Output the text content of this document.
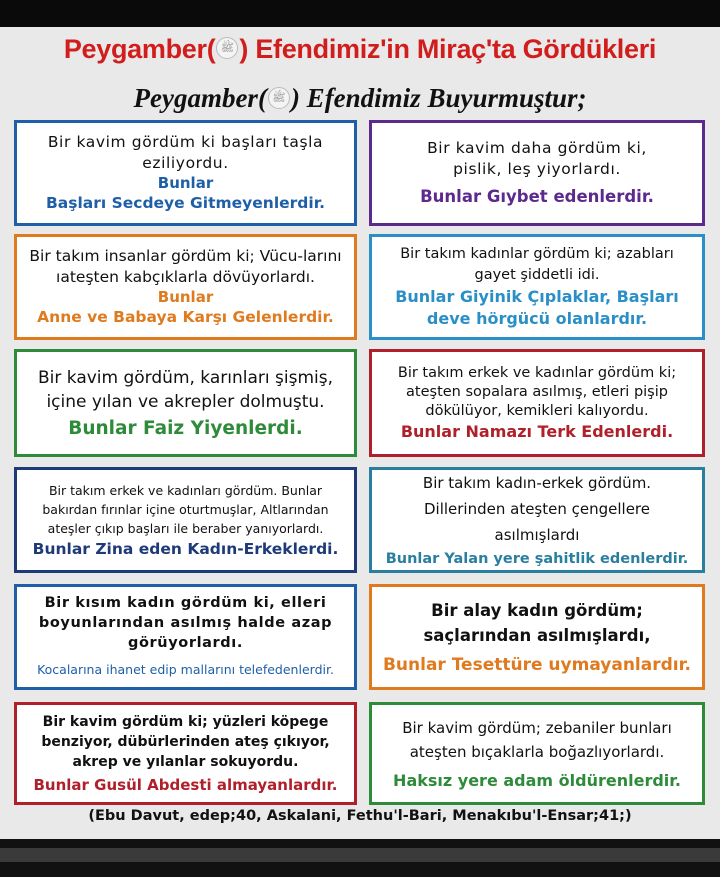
Peygamber( ﷺ ) Efendimiz'in Miraç'ta Gördükleri
Peygamber( ﷺ ) Efendimiz Buyurmuştur;
Bir kavim gördüm ki başları taşla eziliyordu.
Bunlar
Başları Secdeye Gitmeyenlerdir.
Bir kavim daha gördüm ki, pislik, leş yiyorlardı.
Bunlar Gıybet edenlerdir.
Bir takım insanlar gördüm ki; Vücu-larını ıateşten kabçıklarla dövüyorlardı.
Bunlar
Anne ve Babaya Karşı Gelenlerdir.
Bir takım kadınlar gördüm ki; azabları gayet şiddetli idi.
Bunlar Giyinik Çıplaklar, Başları deve hörgücü olanlardır.
Bir kavim gördüm, karınları şişmiş, içine yılan ve akrepler dolmuştu.
Bunlar Faiz Yiyenlerdi.
Bir takım erkek ve kadınlar gördüm ki; ateşten sopalara asılmış, etleri pişip dökülüyor, kemikleri kalıyordu.
Bunlar Namazı Terk Edenlerdi.
Bir takım erkek ve kadınları gördüm. Bunlar bakırdan fırınlar içine oturtmuşlar, Altlarından ateşler çıkıp başları ile beraber yanıyorlardı.
Bunlar Zina eden Kadın-Erkeklerdi.
Bir takım kadın-erkek gördüm. Dillerinden ateşten çengellere asılmışlardı
Bunlar Yalan yere şahitlik edenlerdir.
Bir kısım kadın gördüm ki, elleri boyunlarından asılmış halde azap görüyorlardı.
Kocalarına ihanet edip mallarını telefedenlerdir.
Bir alay kadın gördüm; saçlarından asılmışlardı,
Bunlar Tesettüre uymayanlardır.
Bir kavim gördüm ki; yüzleri köpege benziyor, dübürlerinden ateş çıkıyor, akrep ve yılanlar sokuyordu.
Bunlar Gusül Abdesti almayanlardır.
Bir kavim gördüm; zebaniler bunları ateşten bıçaklarla boğazlıyorlardı.
Haksız yere adam öldürenlerdir.
(Ebu Davut, edep;40, Askalani, Fethu'l-Bari, Menakıbu'l-Ensar;41;)
